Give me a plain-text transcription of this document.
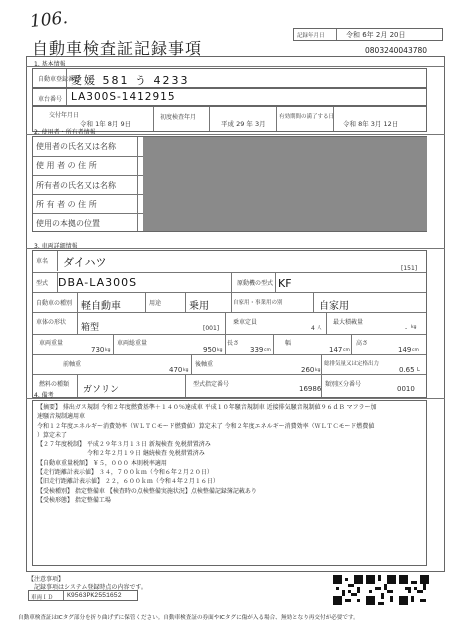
106.
記録年月日	令和 6年 2月 20日
自動車検査証記録事項	0803240043780
1. 基本情報
自動車登録番号
愛媛 581 う 4233
車台番号 LA300S-1412915
交付年月日
令和 1年 8月 9日
初度検査年月
平成 29 年 3月
有効期間の満了する日
令和 8年 3月 12日
2. 使用者・所有者情報
使用者の氏名又は名称
使 用 者 の 住 所
所有者の氏名又は名称
所 有 者 の 住 所
使用の本拠の位置
3. 車両詳細情報
車名 ダイハツ	[151]
型式 DBA-LA300S	原動機の型式 KF
自動車の種別 軽自動車	用途	乗用	自家用・事業用の別	自家用
車体の形状
箱型	[001]
乗車定員
4 人
最大積載量
- kg
車両重量
730 kg
車両総重量
950 kg
長さ
339 cm
幅
147 cm
高さ
149 cm
前軸重
470 kg
後軸重
260 kg
総排気量又は定格出力
0.65 L
燃料の種類
ガソリン
型式指定番号
16986
類別区分番号
0010
4. 備考
【摘要】 排出ガス規制 令和２年度燃費基準＋１４０％達成車 平成１０年騒音規制車 近接排気騒音規制値９６ｄＢ マフラー加
速騒音規制適用車
令和１２年度エネルギー消費効率（ＷＬＴＣモード燃費値）算定未了 令和２年度エネルギー消費効率（ＷＬＴＣモード燃費値
）算定未了
【２７年度税制】 平成２９年３月１３日 新規検査 免税措置済み
　　　　　　　　 令和２年２月１９日 継続検査 免税措置済み
【自動車重量税額】 ￥５，０００ 本則税率適用
【走行距離計表示値】 ３４，７００ｋｍ（令和６年２月２０日）
【旧走行距離計表示値】 ２２，６００ｋｍ（令和４年２月１６日）
【受検種別】 指定整備車 【検査時の点検整備実施状況】点検整備記録簿記載あり
【受検形態】 指定整備工場
【注意事項】
記録事項はシステム登録時点の内容です。
車両ＩＤ K9563PK2551652
自動車検査証はICタグ部分を折り曲げずに保管ください。自動車検査証の券面やICタグに傷が入る場合、無効となり再交付が必要です。
